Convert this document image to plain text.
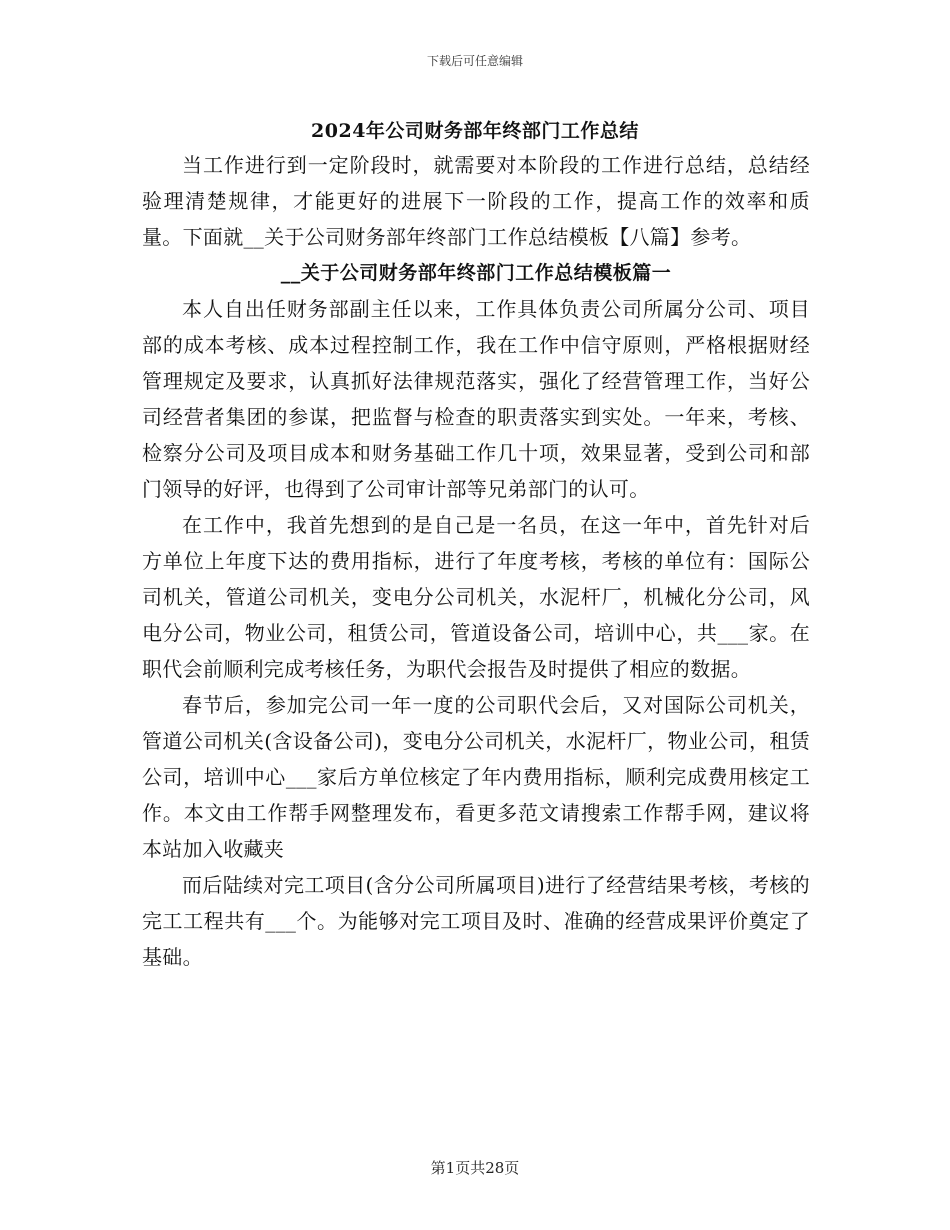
下载后可任意编辑
2024年公司财务部年终部门工作总结

当工作进行到一定阶段时，就需要对本阶段的工作进行总结，总结经验理清楚规律，才能更好的进展下一阶段的工作，提高工作的效率和质量。下面就__关于公司财务部年终部门工作总结模板【八篇】参考。

__关于公司财务部年终部门工作总结模板篇一

本人自出任财务部副主任以来，工作具体负责公司所属分公司、项目部的成本考核、成本过程控制工作，我在工作中信守原则，严格根据财经管理规定及要求，认真抓好法律规范落实，强化了经营管理工作，当好公司经营者集团的参谋，把监督与检查的职责落实到实处。一年来，考核、检察分公司及项目成本和财务基础工作几十项，效果显著，受到公司和部门领导的好评，也得到了公司审计部等兄弟部门的认可。

在工作中，我首先想到的是自己是一名员，在这一年中，首先针对后方单位上年度下达的费用指标，进行了年度考核，考核的单位有：国际公司机关，管道公司机关，变电分公司机关，水泥杆厂，机械化分公司，风电分公司，物业公司，租赁公司，管道设备公司，培训中心，共___家。在职代会前顺利完成考核任务，为职代会报告及时提供了相应的数据。

春节后，参加完公司一年一度的公司职代会后，又对国际公司机关，管道公司机关(含设备公司)，变电分公司机关，水泥杆厂，物业公司，租赁公司，培训中心___家后方单位核定了年内费用指标，顺利完成费用核定工作。本文由工作帮手网整理发布，看更多范文请搜索工作帮手网，建议将本站加入收藏夹

而后陆续对完工项目(含分公司所属项目)进行了经营结果考核，考核的完工工程共有___个。为能够对完工项目及时、准确的经营成果评价奠定了基础。

第1页共28页
